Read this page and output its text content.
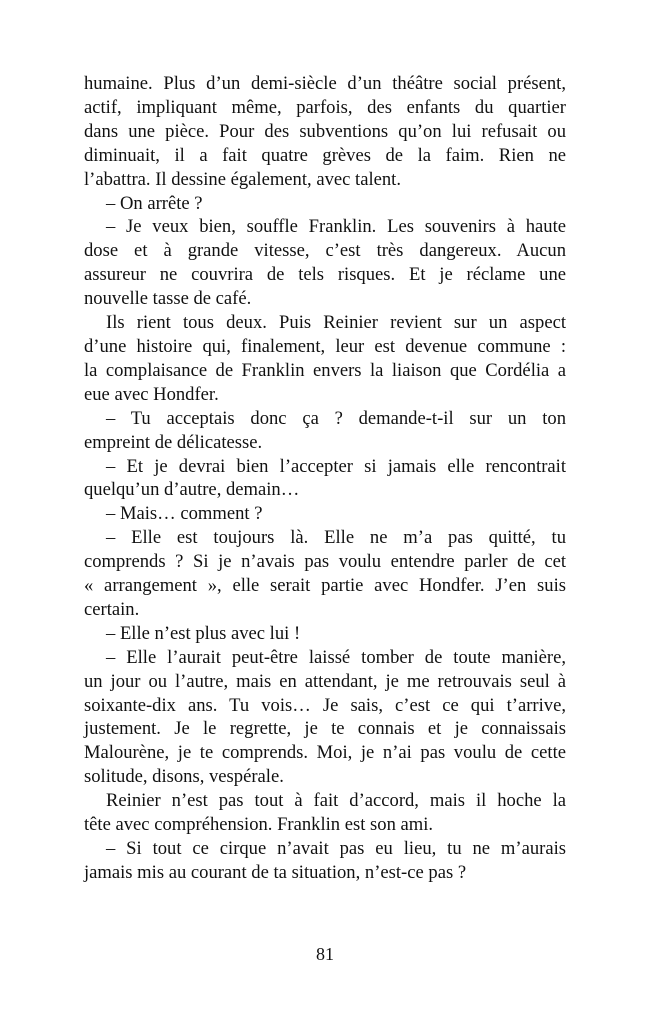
humaine. Plus d’un demi-siècle d’un théâtre social présent,

actif, impliquant même, parfois, des enfants du quartier

dans une pièce. Pour des subventions qu’on lui refusait ou

diminuait, il a fait quatre grèves de la faim. Rien ne

l’abattra. Il dessine également, avec talent.

– On arrête ?

– Je veux bien, souffle Franklin. Les souvenirs à haute

dose et à grande vitesse, c’est très dangereux. Aucun

assureur ne couvrira de tels risques. Et je réclame une

nouvelle tasse de café.

Ils rient tous deux. Puis Reinier revient sur un aspect

d’une histoire qui, finalement, leur est devenue commune :

la complaisance de Franklin envers la liaison que Cordélia a

eue avec Hondfer.

– Tu acceptais donc ça ? demande-t-il sur un ton

empreint de délicatesse.

– Et je devrai bien l’accepter si jamais elle rencontrait

quelqu’un d’autre, demain…

– Mais… comment ?

– Elle est toujours là. Elle ne m’a pas quitté, tu

comprends ? Si je n’avais pas voulu entendre parler de cet

« arrangement », elle serait partie avec Hondfer. J’en suis

certain.

– Elle n’est plus avec lui !

– Elle l’aurait peut-être laissé tomber de toute manière,

un jour ou l’autre, mais en attendant, je me retrouvais seul à

soixante-dix ans. Tu vois… Je sais, c’est ce qui t’arrive,

justement. Je le regrette, je te connais et je connaissais

Malourène, je te comprends. Moi, je n’ai pas voulu de cette

solitude, disons, vespérale.

Reinier n’est pas tout à fait d’accord, mais il hoche la

tête avec compréhension. Franklin est son ami.

– Si tout ce cirque n’avait pas eu lieu, tu ne m’aurais

jamais mis au courant de ta situation, n’est-ce pas ?

81
